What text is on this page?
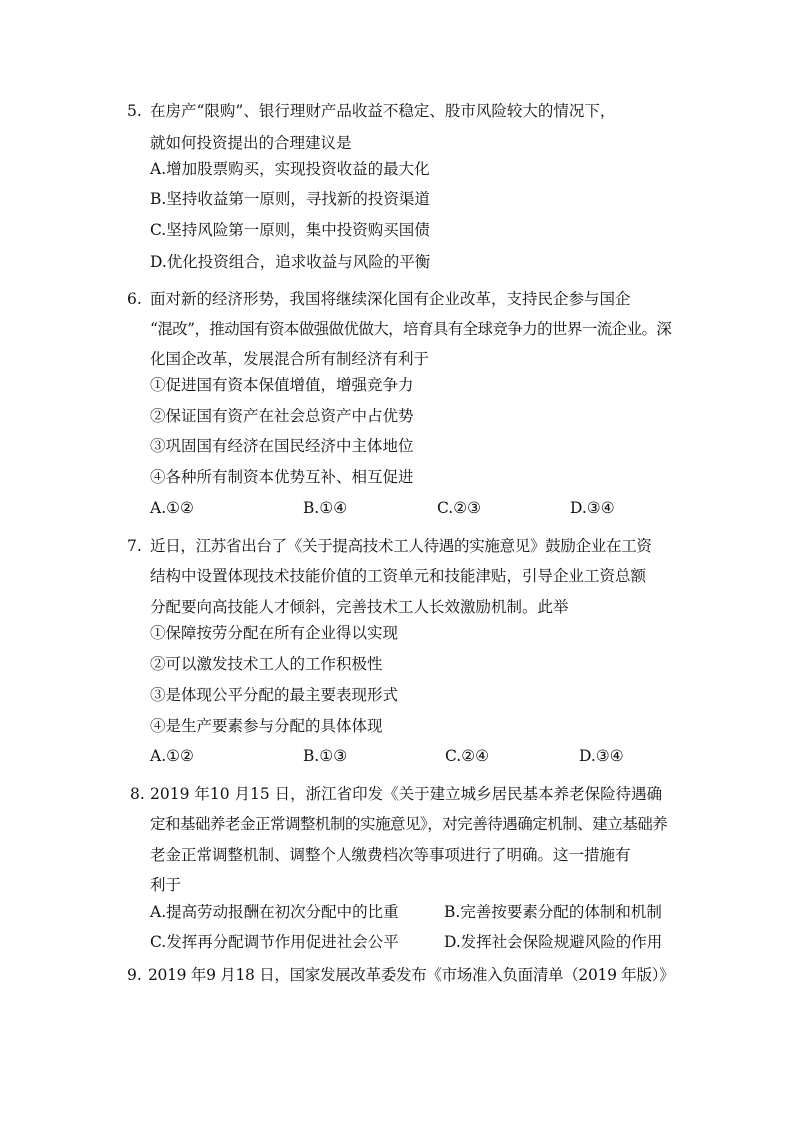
5. 在房产“限购”、银行理财产品收益不稳定、股市风险较大的情况下，
就如何投资提出的合理建议是
A.增加股票购买，实现投资收益的最大化
B.坚持收益第一原则，寻找新的投资渠道
C.坚持风险第一原则，集中投资购买国债
D.优化投资组合，追求收益与风险的平衡
6. 面对新的经济形势，我国将继续深化国有企业改革，支持民企参与国企
“混改”，推动国有资本做强做优做大，培育具有全球竞争力的世界一流企业。深
化国企改革，发展混合所有制经济有利于
①促进国有资本保值增值，增强竞争力
②保证国有资产在社会总资产中占优势
③巩固国有经济在国民经济中主体地位
④各种所有制资本优势互补、相互促进
A.①②	B.①④	C.②③	D.③④
7. 近日，江苏省出台了《关于提高技术工人待遇的实施意见》鼓励企业在工资
结构中设置体现技术技能价值的工资单元和技能津贴，引导企业工资总额
分配要向高技能人才倾斜，完善技术工人长效激励机制。此举
①保障按劳分配在所有企业得以实现
②可以激发技术工人的工作积极性
③是体现公平分配的最主要表现形式
④是生产要素参与分配的具体体现
A.①②	B.①③	C.②④	D.③④
8. 2019 年10 月15 日，浙江省印发《关于建立城乡居民基本养老保险待遇确
定和基础养老金正常调整机制的实施意见》，对完善待遇确定机制、建立基础养
老金正常调整机制、调整个人缴费档次等事项进行了明确。这一措施有
利于
A.提高劳动报酬在初次分配中的比重	B.完善按要素分配的体制和机制
C.发挥再分配调节作用促进社会公平	D.发挥社会保险规避风险的作用
9. 2019 年9 月18 日，国家发展改革委发布《市场准入负面清单（2019 年版）》
